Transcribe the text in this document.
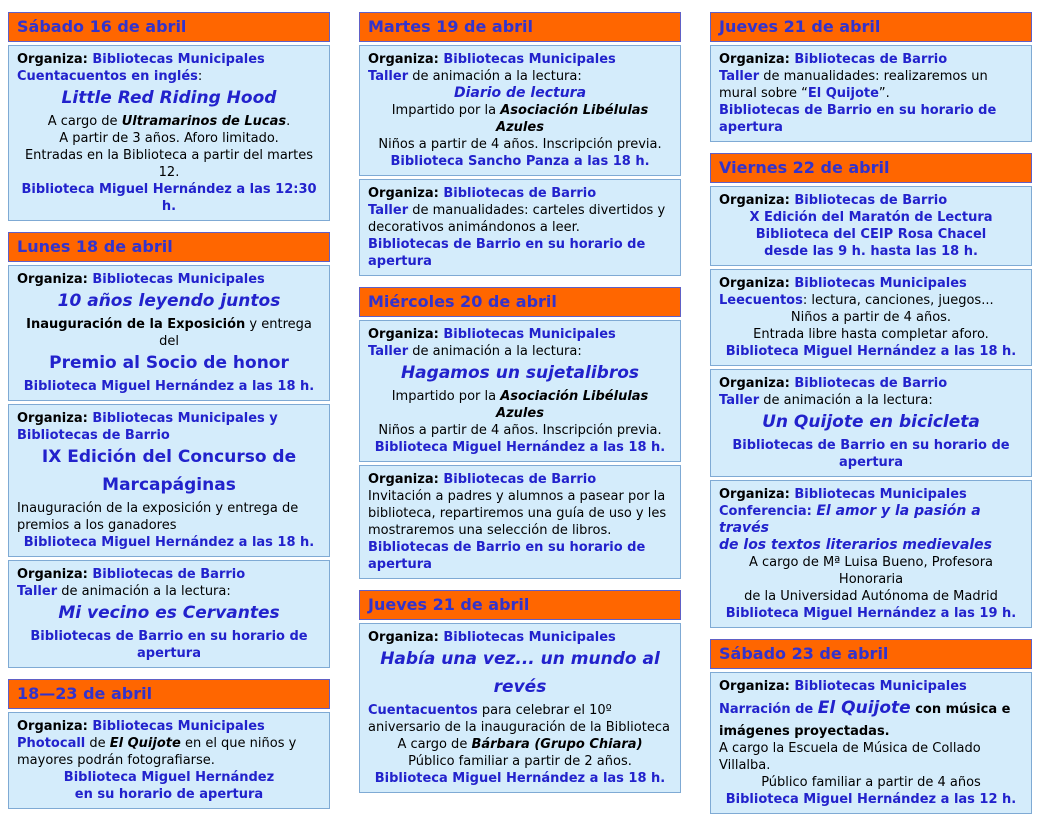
Sábado 16 de abril
Organiza: Bibliotecas Municipales
Cuentacuentos en inglés:
Little Red Riding Hood
A cargo de Ultramarinos de Lucas.
A partir de 3 años. Aforo limitado.
Entradas en la Biblioteca a partir del martes 12.
Biblioteca Miguel Hernández a las 12:30 h.
Lunes 18 de abril
Organiza: Bibliotecas Municipales
10 años leyendo juntos
Inauguración de la Exposición y entrega del
Premio al Socio de honor
Biblioteca Miguel Hernández a las 18 h.
Organiza: Bibliotecas Municipales y
Bibliotecas de Barrio
IX Edición del Concurso de
Marcapáginas
Inauguración de la exposición y entrega de premios a los ganadores
Biblioteca Miguel Hernández a las 18 h.
Organiza: Bibliotecas de Barrio
Taller de animación a la lectura:
Mi vecino es Cervantes
Bibliotecas de Barrio en su horario de apertura
18—23 de abril
Organiza: Bibliotecas Municipales
Photocall de El Quijote en el que niños y
mayores podrán fotografiarse.
Biblioteca Miguel Hernández
en su horario de apertura
Martes 19 de abril
Organiza: Bibliotecas Municipales
Taller de animación a la lectura:
Diario de lectura
Impartido por la Asociación Libélulas Azules
Niños a partir de 4 años. Inscripción previa.
Biblioteca Sancho Panza a las 18 h.
Organiza: Bibliotecas de Barrio
Taller de manualidades: carteles divertidos y decorativos animándonos a leer.
Bibliotecas de Barrio en su horario de apertura
Miércoles 20 de abril
Organiza: Bibliotecas Municipales
Taller de animación a la lectura:
Hagamos un sujetalibros
Impartido por la Asociación Libélulas Azules
Niños a partir de 4 años. Inscripción previa.
Biblioteca Miguel Hernández a las 18 h.
Organiza: Bibliotecas de Barrio
Invitación a padres y alumnos a pasear por la biblioteca, repartiremos una guía de uso y les mostraremos una selección de libros.
Bibliotecas de Barrio en su horario de apertura
Jueves 21 de abril
Organiza: Bibliotecas Municipales
Había una vez... un mundo al revés
Cuentacuentos para celebrar el 10º
aniversario de la inauguración de la Biblioteca
A cargo de Bárbara (Grupo Chiara)
Público familiar a partir de 2 años.
Biblioteca Miguel Hernández a las 18 h.
Jueves 21 de abril
Organiza: Bibliotecas de Barrio
Taller de manualidades: realizaremos un mural sobre “El Quijote”.
Bibliotecas de Barrio en su horario de apertura
Viernes 22 de abril
Organiza: Bibliotecas de Barrio
X Edición del Maratón de Lectura
Biblioteca del CEIP Rosa Chacel
desde las 9 h. hasta las 18 h.
Organiza: Bibliotecas Municipales
Leecuentos: lectura, canciones, juegos...
Niños a partir de 4 años.
Entrada libre hasta completar aforo.
Biblioteca Miguel Hernández a las 18 h.
Organiza: Bibliotecas de Barrio
Taller de animación a la lectura:
Un Quijote en bicicleta
Bibliotecas de Barrio en su horario de apertura
Organiza: Bibliotecas Municipales
Conferencia: El amor y la pasión a través
de los textos literarios medievales
A cargo de Mª Luisa Bueno, Profesora Honoraria
de la Universidad Autónoma de Madrid
Biblioteca Miguel Hernández a las 19 h.
Sábado 23 de abril
Organiza: Bibliotecas Municipales
Narración de El Quijote con música e
imágenes proyectadas.
A cargo la Escuela de Música de Collado Villalba.
Público familiar a partir de 4 años
Biblioteca Miguel Hernández a las 12 h.
